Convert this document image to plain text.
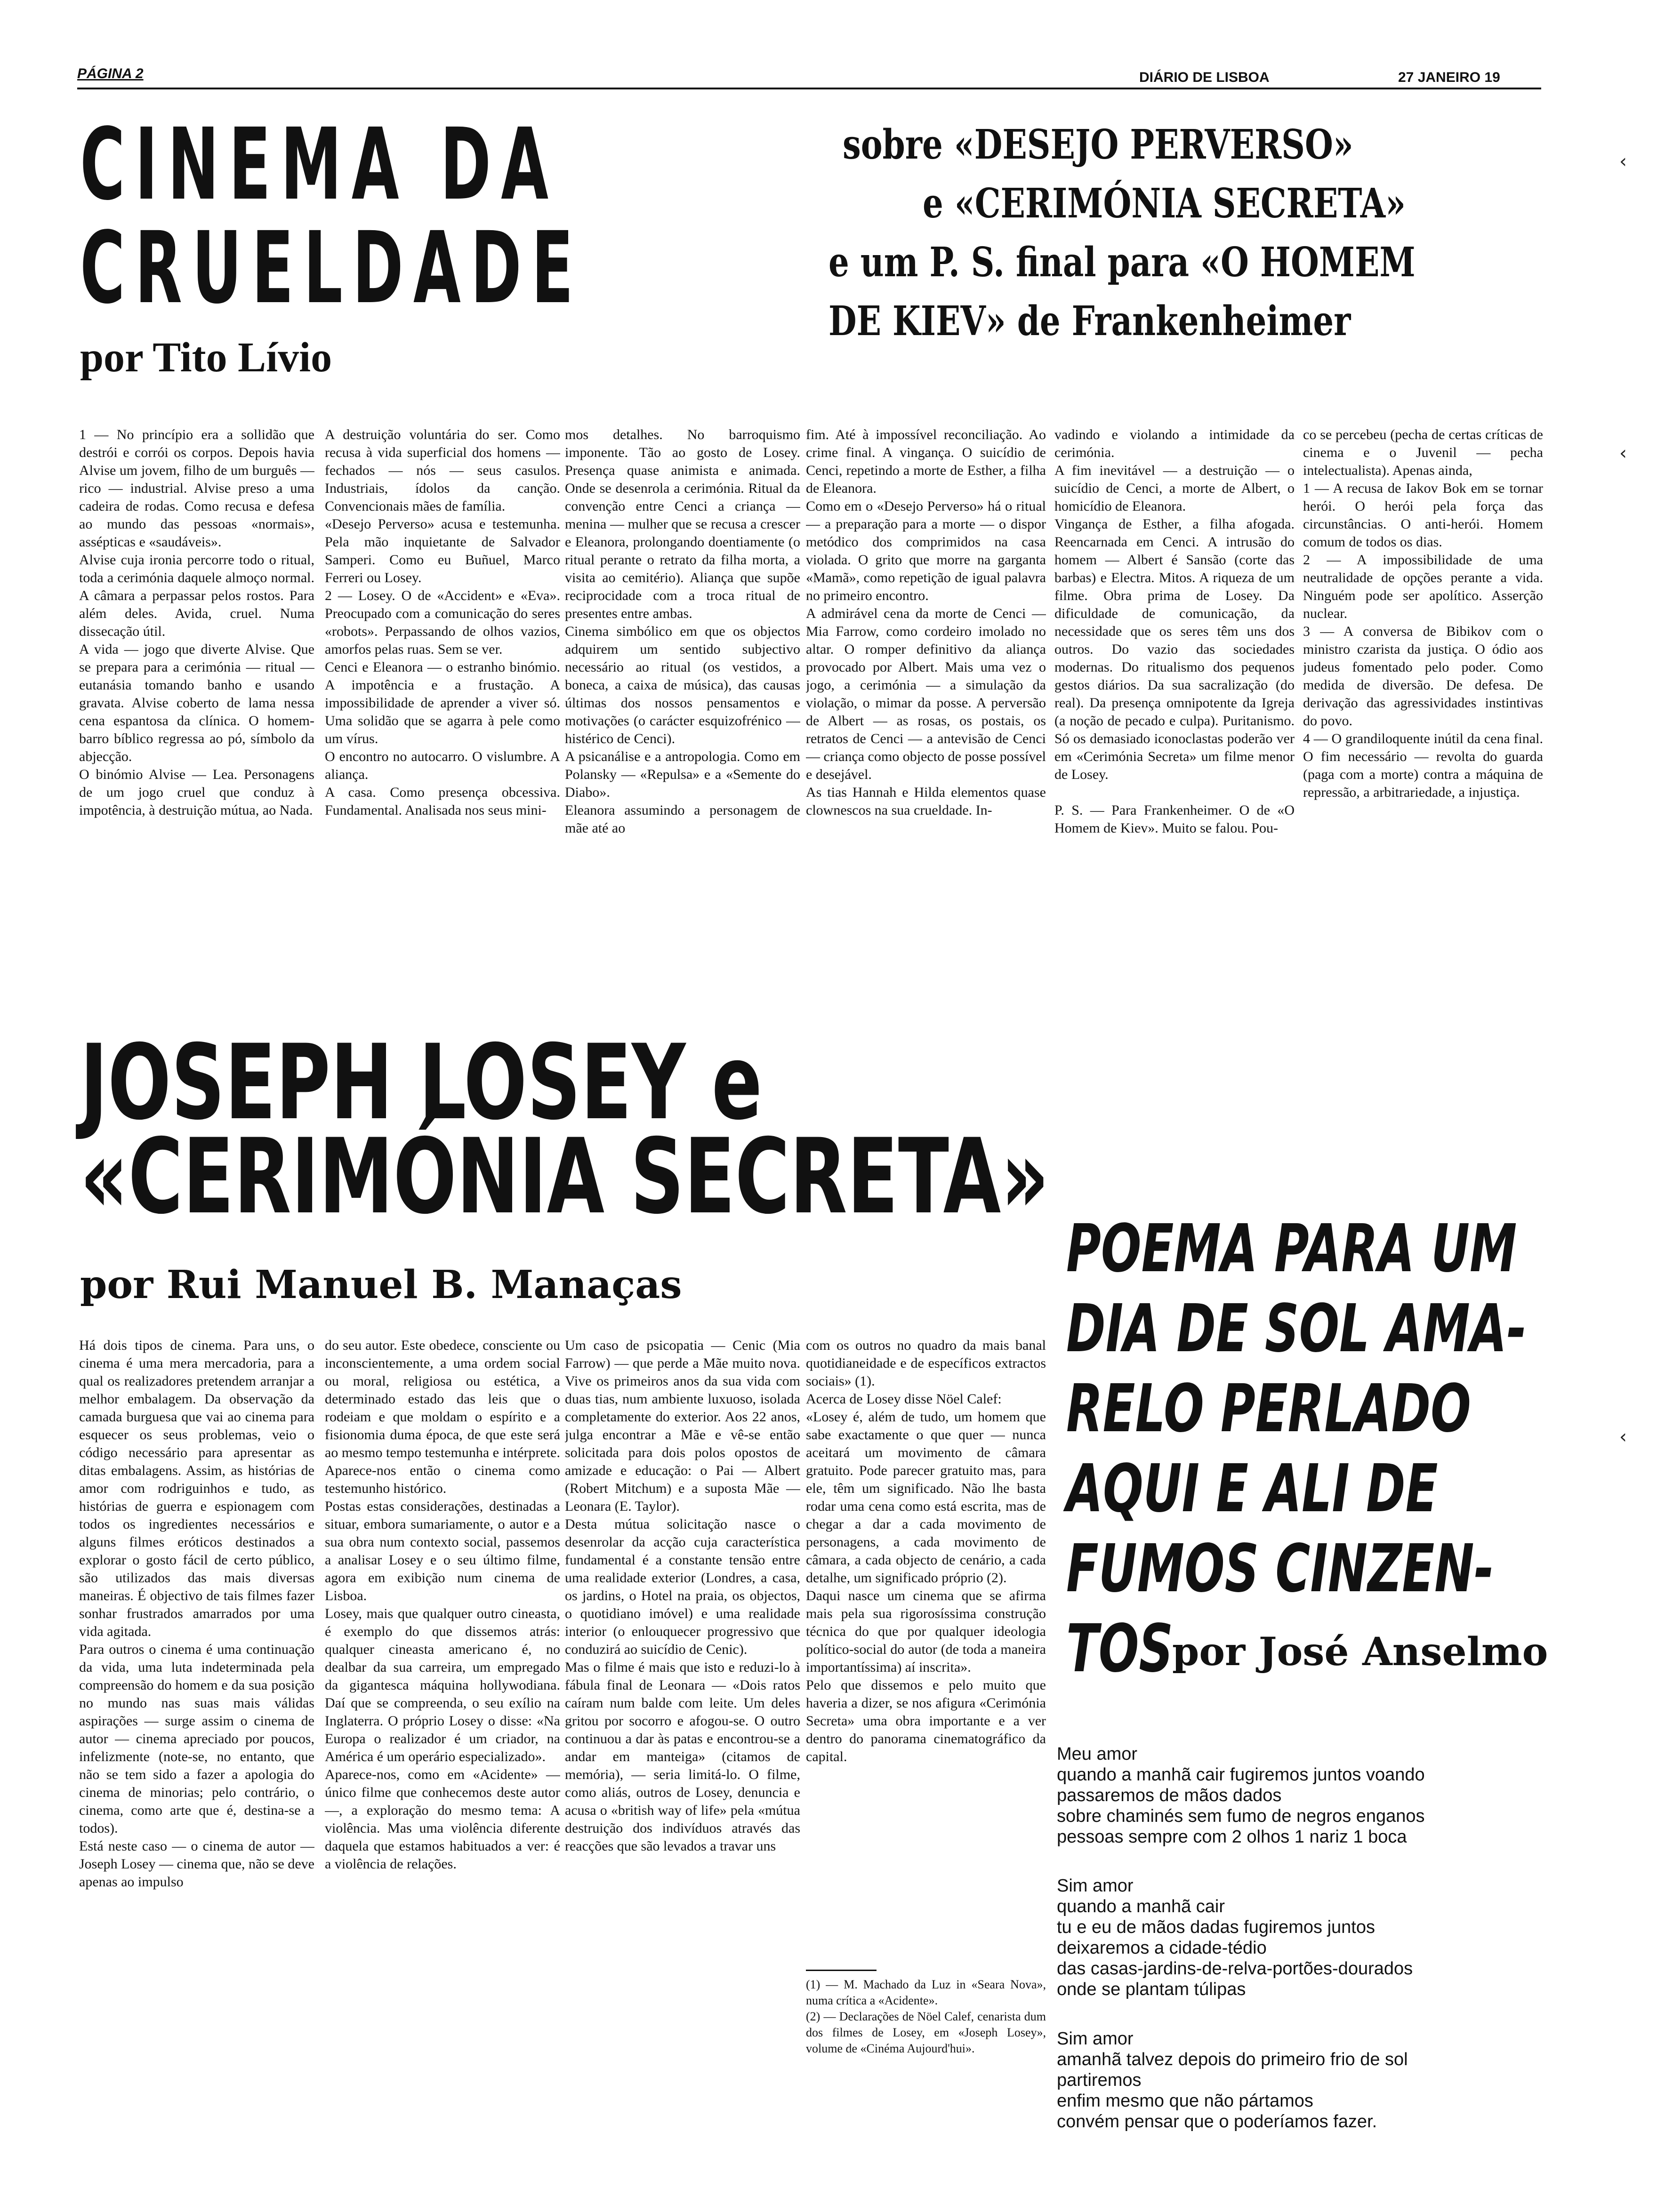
PÁGINA 2	DIÁRIO DE LISBOA	27 JANEIRO 19
CINEMA DA
CRUELDADE
por Tito Lívio
sobre «DESEJO PERVERSO»
e «CERIMÓNIA SECRETA»
e um P. S. final para «O HOMEM
DE KIEV» de Frankenheimer
1 — No princípio era a sollidão que destrói e corrói os corpos. Depois havia Alvise um jovem, filho de um burguês — rico — industrial. Alvise preso a uma cadeira de rodas. Como recusa e defesa ao mundo das pessoas «normais», assépticas e «saudáveis».
Alvise cuja ironia percorre todo o ritual, toda a cerimónia daquele almoço normal. A câmara a perpassar pelos rostos. Para além deles. Avida, cruel. Numa dissecação útil.
A vida — jogo que diverte Alvise. Que se prepara para a cerimónia — ritual — eutanásia tomando banho e usando gravata. Alvise coberto de lama nessa cena espantosa da clínica. O homem-barro bíblico regressa ao pó, símbolo da abjecção.
O binómio Alvise — Lea. Personagens de um jogo cruel que conduz à impotência, à destruição mútua, ao Nada.
A destruição voluntária do ser. Como recusa à vida superficial dos homens — fechados — nós — seus casulos. Industriais, ídolos da canção. Convencionais mães de família.
«Desejo Perverso» acusa e testemunha. Pela mão inquietante de Salvador Samperi. Como eu Buñuel, Marco Ferreri ou Losey.
2 — Losey. O de «Accident» e «Eva». Preocupado com a comunicação do seres «robots». Perpassando de olhos vazios, amorfos pelas ruas. Sem se ver.
Cenci e Eleanora — o estranho binómio. A impotência e a frustação. A impossibilidade de aprender a viver só. Uma solidão que se agarra à pele como um vírus.
O encontro no autocarro. O vislumbre. A aliança.
A casa. Como presença obcessiva. Fundamental. Analisada nos seus mini-
mos detalhes. No barroquismo imponente. Tão ao gosto de Losey. Presença quase animista e animada. Onde se desenrola a cerimónia. Ritual da convenção entre Cenci a criança — menina — mulher que se recusa a crescer e Eleanora, prolongando doentiamente (o ritual perante o retrato da filha morta, a visita ao cemitério). Aliança que supõe reciprocidade com a troca ritual de presentes entre ambas.
Cinema simbólico em que os objectos adquirem um sentido subjectivo necessário ao ritual (os vestidos, a boneca, a caixa de música), das causas últimas dos nossos pensamentos e motivações (o carácter esquizofrénico — histérico de Cenci).
A psicanálise e a antropologia. Como em Polansky — «Repulsa» e a «Semente do Diabo».
Eleanora assumindo a personagem de mãe até ao
fim. Até à impossível reconciliação. Ao crime final. A vingança. O suicídio de Cenci, repetindo a morte de Esther, a filha de Eleanora.
Como em o «Desejo Perverso» há o ritual — a preparação para a morte — o dispor metódico dos comprimidos na casa violada. O grito que morre na garganta «Mamã», como repetição de igual palavra no primeiro encontro.
A admirável cena da morte de Cenci — Mia Farrow, como cordeiro imolado no altar. O romper definitivo da aliança provocado por Albert. Mais uma vez o jogo, a cerimónia — a simulação da violação, o mimar da posse. A perversão de Albert — as rosas, os postais, os retratos de Cenci — a antevisão de Cenci — criança como objecto de posse possível e desejável.
As tias Hannah e Hilda elementos quase clownescos na sua crueldade. In-
vadindo e violando a intimidade da cerimónia.
A fim inevitável — a destruição — o suicídio de Cenci, a morte de Albert, o homicídio de Eleanora.
Vingança de Esther, a filha afogada. Reencarnada em Cenci. A intrusão do homem — Albert é Sansão (corte das barbas) e Electra. Mitos. A riqueza de um filme. Obra prima de Losey. Da dificuldade de comunicação, da necessidade que os seres têm uns dos outros. Do vazio das sociedades modernas. Do ritualismo dos pequenos gestos diários. Da sua sacralização (do real). Da presença omnipotente da Igreja (a noção de pecado e culpa). Puritanismo. Só os demasiado iconoclastas poderão ver em «Cerimónia Secreta» um filme menor de Losey.

P. S. — Para Frankenheimer. O de «O Homem de Kiev». Muito se falou. Pou-
co se percebeu (pecha de certas críticas de cinema e o Juvenil — pecha intelectualista). Apenas ainda,
1 — A recusa de Iakov Bok em se tornar herói. O herói pela força das circunstâncias. O anti-herói. Homem comum de todos os dias.
2 — A impossibilidade de uma neutralidade de opções perante a vida. Ninguém pode ser apolítico. Asserção nuclear.
3 — A conversa de Bibikov com o ministro czarista da justiça. O ódio aos judeus fomentado pelo poder. Como medida de diversão. De defesa. De derivação das agressividades instintivas do povo.
4 — O grandiloquente inútil da cena final. O fim necessário — revolta do guarda (paga com a morte) contra a máquina de repressão, a arbitrariedade, a injustiça.
JOSEPH LOSEY e
«CERIMÓNIA SECRETA»
por Rui Manuel B. Manaças
Há dois tipos de cinema. Para uns, o cinema é uma mera mercadoria, para a qual os realizadores pretendem arranjar a melhor embalagem. Da observação da camada burguesa que vai ao cinema para esquecer os seus problemas, veio o código necessário para apresentar as ditas embalagens. Assim, as histórias de amor com rodriguinhos e tudo, as histórias de guerra e espionagem com todos os ingredientes necessários e alguns filmes eróticos destinados a explorar o gosto fácil de certo público, são utilizados das mais diversas maneiras. É objectivo de tais filmes fazer sonhar frustrados amarrados por uma vida agitada.
Para outros o cinema é uma continuação da vida, uma luta indeterminada pela compreensão do homem e da sua posição no mundo nas suas mais válidas aspirações — surge assim o cinema de autor — cinema apreciado por poucos, infelizmente (note-se, no entanto, que não se tem sido a fazer a apologia do cinema de minorias; pelo contrário, o cinema, como arte que é, destina-se a todos).
Está neste caso — o cinema de autor — Joseph Losey — cinema que, não se deve apenas ao impulso
do seu autor. Este obedece, consciente ou inconscientemente, a uma ordem social ou moral, religiosa ou estética, a determinado estado das leis que o rodeiam e que moldam o espírito e a fisionomia duma época, de que este será ao mesmo tempo testemunha e intérprete. Aparece-nos então o cinema como testemunho histórico.
Postas estas considerações, destinadas a situar, embora sumariamente, o autor e a sua obra num contexto social, passemos a analisar Losey e o seu último filme, agora em exibição num cinema de Lisboa.
Losey, mais que qualquer outro cineasta, é exemplo do que dissemos atrás: qualquer cineasta americano é, no dealbar da sua carreira, um empregado da gigantesca máquina hollywodiana. Daí que se compreenda, o seu exílio na Inglaterra. O próprio Losey o disse: «Na Europa o realizador é um criador, na América é um operário especializado».
Aparece-nos, como em «Acidente» — único filme que conhecemos deste autor —, a exploração do mesmo tema: A violência. Mas uma violência diferente daquela que estamos habituados a ver: é a violência de relações.
Um caso de psicopatia — Cenic (Mia Farrow) — que perde a Mãe muito nova. Vive os primeiros anos da sua vida com duas tias, num ambiente luxuoso, isolada completamente do exterior. Aos 22 anos, julga encontrar a Mãe e vê-se então solicitada para dois polos opostos de amizade e educação: o Pai — Albert (Robert Mitchum) e a suposta Mãe — Leonara (E. Taylor).
Desta mútua solicitação nasce o desenrolar da acção cuja característica fundamental é a constante tensão entre uma realidade exterior (Londres, a casa, os jardins, o Hotel na praia, os objectos, o quotidiano imóvel) e uma realidade interior (o enlouquecer progressivo que conduzirá ao suicídio de Cenic).
Mas o filme é mais que isto e reduzi-lo à fábula final de Leonara — «Dois ratos caíram num balde com leite. Um deles gritou por socorro e afogou-se. O outro continuou a dar às patas e encontrou-se a andar em manteiga» (citamos de memória), — seria limitá-lo. O filme, como aliás, outros de Losey, denuncia e acusa o «british way of life» pela «mútua destruição dos indivíduos através das reacções que são levados a travar uns
com os outros no quadro da mais banal quotidianeidade e de específicos extractos sociais» (1).
Acerca de Losey disse Nöel Calef:
«Losey é, além de tudo, um homem que sabe exactamente o que quer — nunca aceitará um movimento de câmara gratuito. Pode parecer gratuito mas, para ele, têm um significado. Não lhe basta rodar uma cena como está escrita, mas de chegar a dar a cada movimento de personagens, a cada movimento de câmara, a cada objecto de cenário, a cada detalhe, um significado próprio (2).
Daqui nasce um cinema que se afirma mais pela sua rigorosíssima construção técnica do que por qualquer ideologia político-social do autor (de toda a maneira importantíssima) aí inscrita».
Pelo que dissemos e pelo muito que haveria a dizer, se nos afigura «Cerimónia Secreta» uma obra importante e a ver dentro do panorama cinematográfico da capital.
(1) — M. Machado da Luz in «Seara Nova», numa crítica a «Acidente».
(2) — Declarações de Nöel Calef, cenarista dum dos filmes de Losey, em «Joseph Losey», volume de «Cinéma Aujourd'hui».
POEMA PARA UM
DIA DE SOL AMA-
RELO PERLADO
AQUI E ALI DE
FUMOS CINZEN-
TOS
por José Anselmo
Meu amor
quando a manhã cair fugiremos juntos voando
passaremos de mãos dados
sobre chaminés sem fumo de negros enganos
pessoas sempre com 2 olhos 1 nariz 1 boca
Sim amor
quando a manhã cair
tu e eu de mãos dadas fugiremos juntos
deixaremos a cidade-tédio
das casas-jardins-de-relva-portões-dourados
onde se plantam túlipas
Sim amor
amanhã talvez depois do primeiro frio de sol
partiremos
enfim mesmo que não pártamos
convém pensar que o poderíamos fazer.
‹
‹
‹
